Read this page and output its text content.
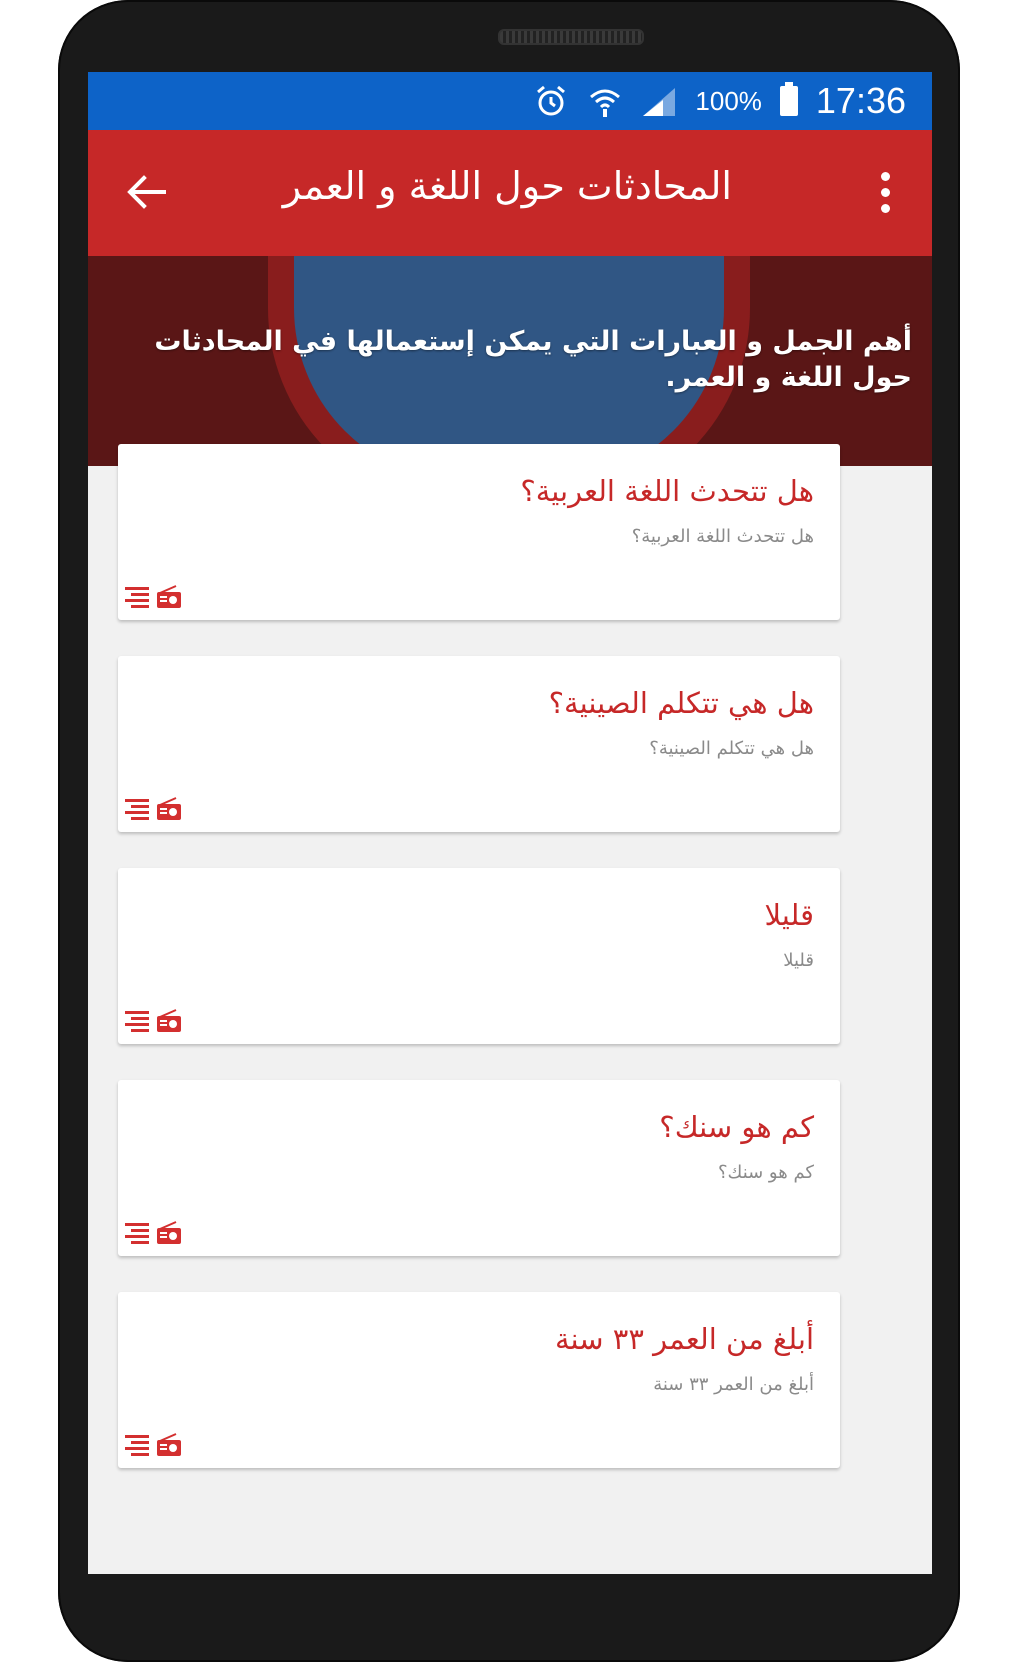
100% 17:36
المحادثات حول اللغة و العمر
أهم الجمل و العبارات التي يمكن إستعمالها في المحادثات حول اللغة و العمر.
هل تتحدث اللغة العربية؟
هل تتحدث اللغة العربية؟
هل هي تتكلم الصينية؟
هل هي تتكلم الصينية؟
قليلا
قليلا
كم هو سنك؟
كم هو سنك؟
أبلغ من العمر ٣٣ سنة
أبلغ من العمر ٣٣ سنة
